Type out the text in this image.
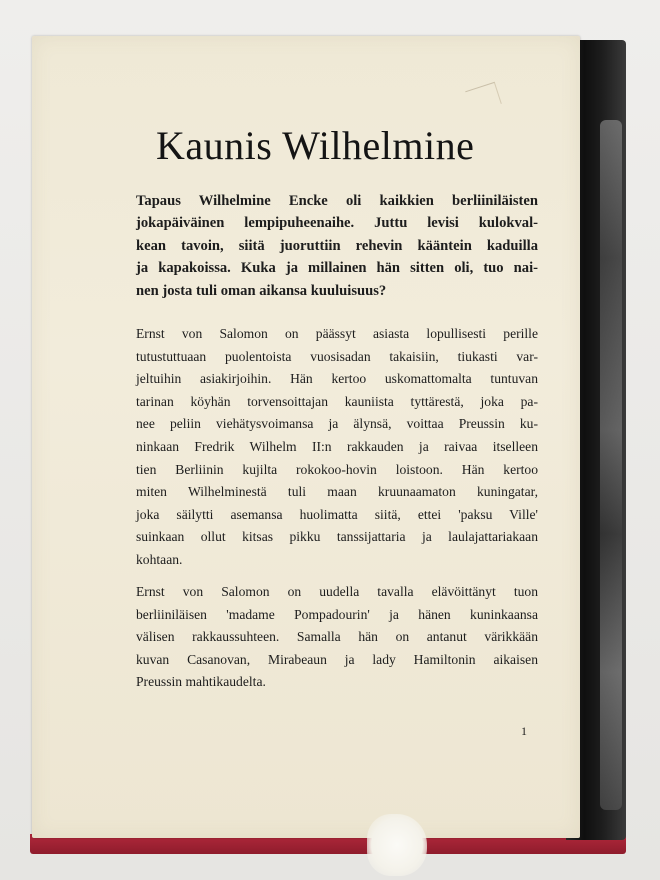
Kaunis Wilhelmine

Tapaus Wilhelmine Encke oli kaikkien berliiniläisten
jokapäiväinen lempipuheenaihe. Juttu levisi kulokval-
kean tavoin, siitä juoruttiin rehevin kääntein kaduilla
ja kapakoissa. Kuka ja millainen hän sitten oli, tuo nai-
nen josta tuli oman aikansa kuuluisuus?

Ernst von Salomon on päässyt asiasta lopullisesti perille
tutustuttuaan puolentoista vuosisadan takaisiin, tiukasti var-
jeltuihin asiakirjoihin. Hän kertoo uskomattomalta tuntuvan
tarinan köyhän torvensoittajan kauniista tyttärestä, joka pa-
nee peliin viehätysvoimansa ja älynsä, voittaa Preussin ku-
ninkaan Fredrik Wilhelm II:n rakkauden ja raivaa itselleen
tien Berliinin kujilta rokokoo-hovin loistoon. Hän kertoo
miten Wilhelminestä tuli maan kruunaamaton kuningatar,
joka säilytti asemansa huolimatta siitä, ettei 'paksu Ville'
suinkaan ollut kitsas pikku tanssijattaria ja laulajattariakaan
kohtaan.

Ernst von Salomon on uudella tavalla elävöittänyt tuon
berliiniläisen 'madame Pompadourin' ja hänen kuninkaansa
välisen rakkaussuhteen. Samalla hän on antanut värikkään
kuvan Casanovan, Mirabeaun ja lady Hamiltonin aikaisen
Preussin mahtikaudelta.

1
